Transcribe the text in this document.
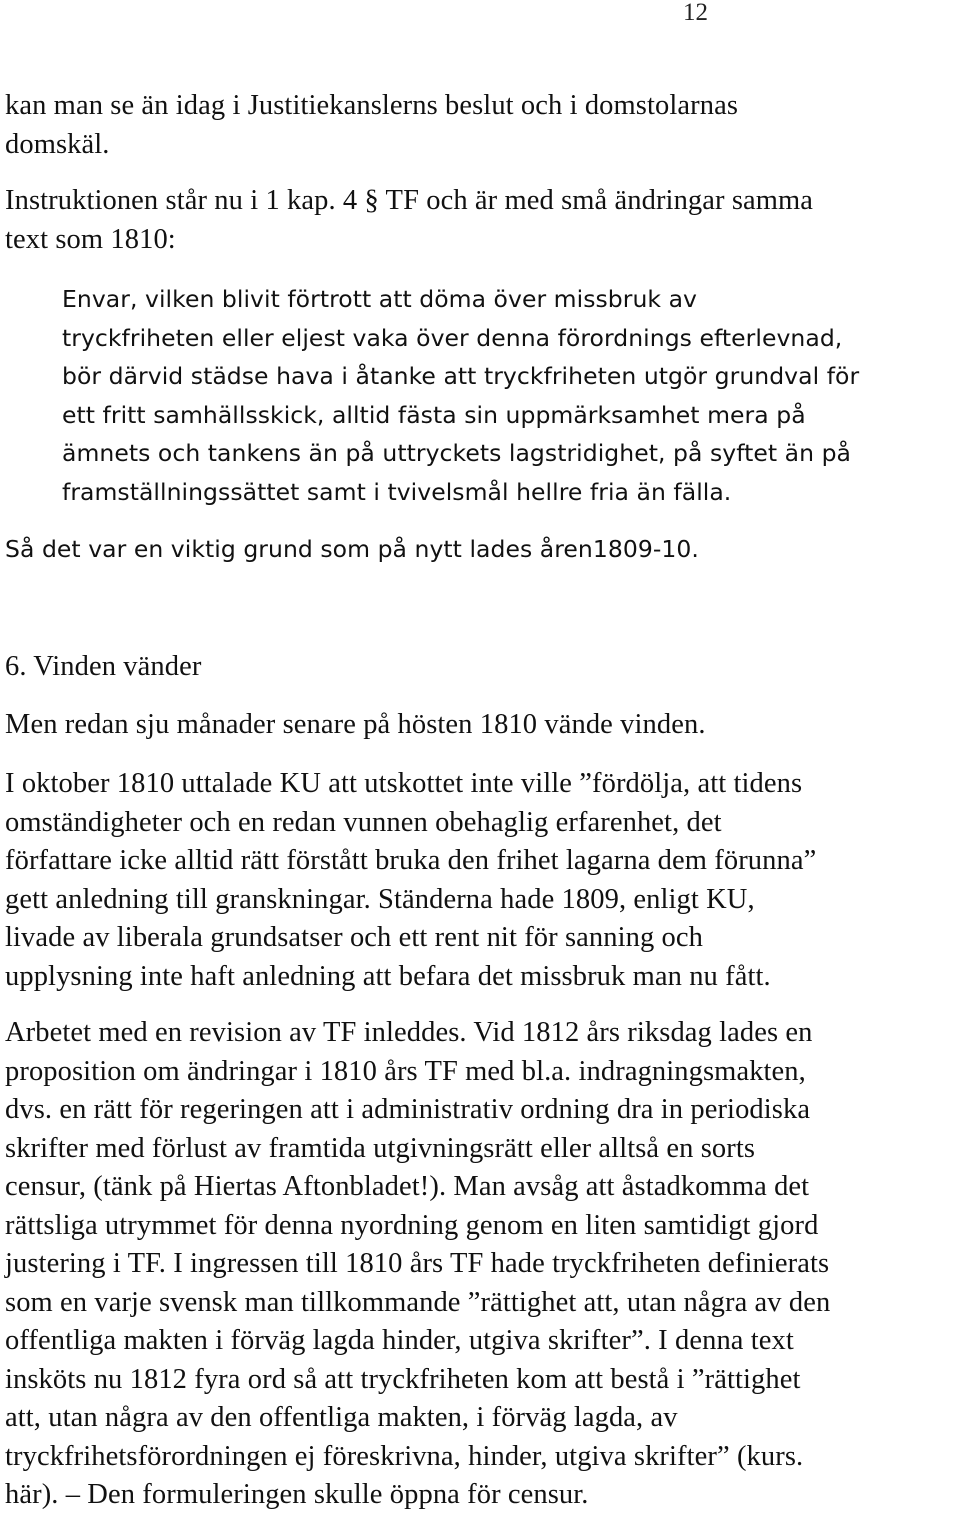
12
kan man se än idag i Justitiekanslerns beslut och i domstolarnas
domskäl.
Instruktionen står nu i 1 kap. 4 § TF och är med små ändringar samma
text som 1810:
Envar, vilken blivit förtrott att döma över missbruk av
tryckfriheten eller eljest vaka över denna förordnings efterlevnad,
bör därvid städse hava i åtanke att tryckfriheten utgör grundval för
ett fritt samhällsskick, alltid fästa sin uppmärksamhet mera på
ämnets och tankens än på uttryckets lagstridighet, på syftet än på
framställningssättet samt i tvivelsmål hellre fria än fälla.
Så det var en viktig grund som på nytt lades åren1809-10.
6. Vinden vänder
Men redan sju månader senare på hösten 1810 vände vinden.
I oktober 1810 uttalade KU att utskottet inte ville ”fördölja, att tidens
omständigheter och en redan vunnen obehaglig erfarenhet, det
författare icke alltid rätt förstått bruka den frihet lagarna dem förunna”
gett anledning till granskningar. Ständerna hade 1809, enligt KU,
livade av liberala grundsatser och ett rent nit för sanning och
upplysning inte haft anledning att befara det missbruk man nu fått.
Arbetet med en revision av TF inleddes. Vid 1812 års riksdag lades en
proposition om ändringar i 1810 års TF med bl.a. indragningsmakten,
dvs. en rätt för regeringen att i administrativ ordning dra in periodiska
skrifter med förlust av framtida utgivningsrätt eller alltså en sorts
censur, (tänk på Hiertas Aftonbladet!). Man avsåg att åstadkomma det
rättsliga utrymmet för denna nyordning genom en liten samtidigt gjord
justering i TF. I ingressen till 1810 års TF hade tryckfriheten definierats
som en varje svensk man tillkommande ”rättighet att, utan några av den
offentliga makten i förväg lagda hinder, utgiva skrifter”. I denna text
insköts nu 1812 fyra ord så att tryckfriheten kom att bestå i ”rättighet
att, utan några av den offentliga makten, i förväg lagda, av
tryckfrihetsförordningen ej föreskrivna, hinder, utgiva skrifter” (kurs.
här). – Den formuleringen skulle öppna för censur.
